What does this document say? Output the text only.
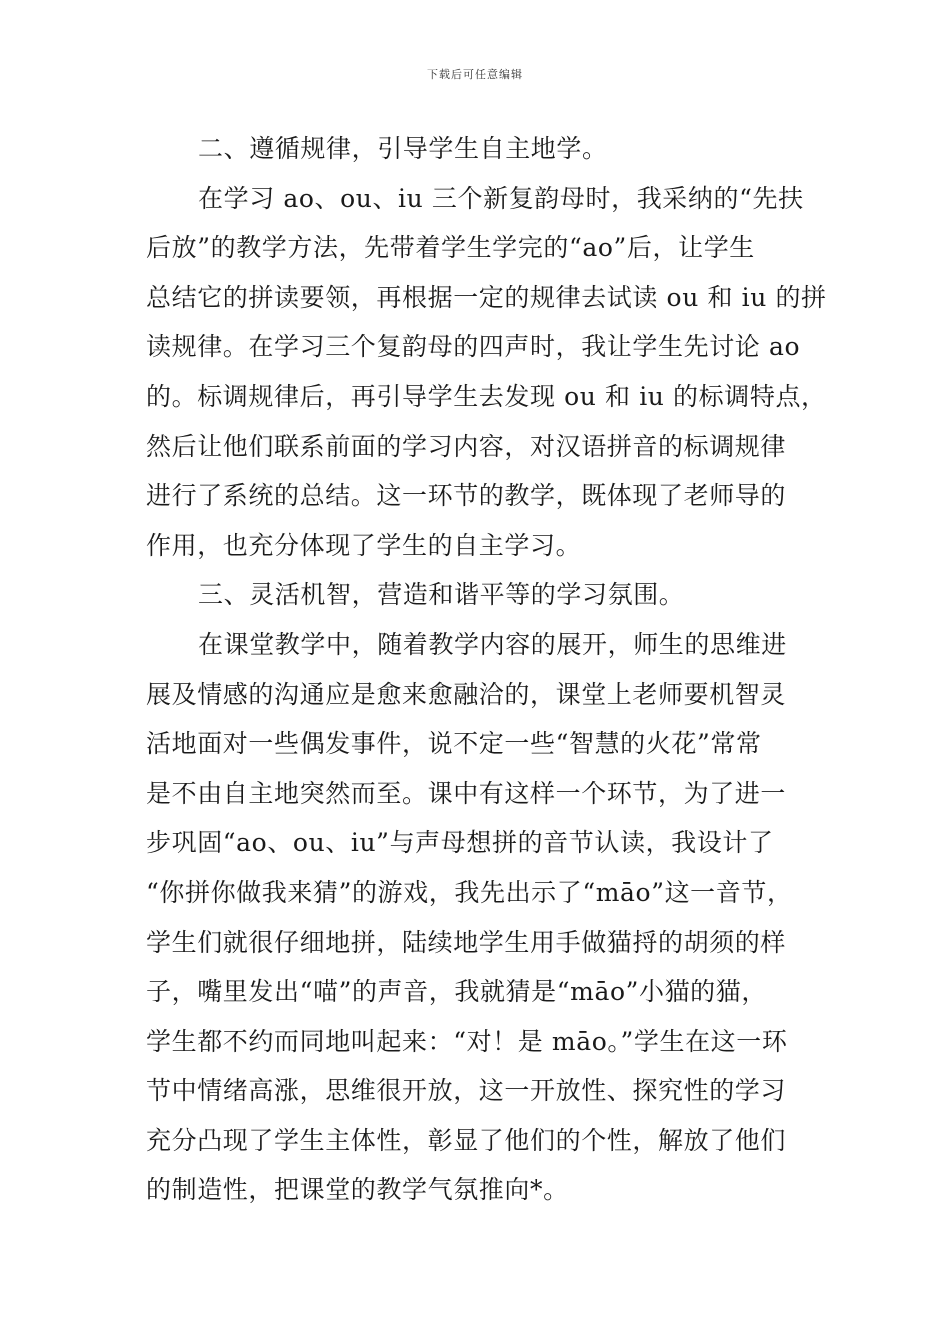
下载后可任意编辑
二、遵循规律，引导学生自主地学。
在学习 ao、ou、iu 三个新复韵母时，我采纳的“先扶
后放”的教学方法，先带着学生学完的“ao”后，让学生
总结它的拼读要领，再根据一定的规律去试读 ou 和 iu 的拼
读规律。在学习三个复韵母的四声时，我让学生先讨论 ao
的。标调规律后，再引导学生去发现 ou 和 iu 的标调特点，
然后让他们联系前面的学习内容，对汉语拼音的标调规律
进行了系统的总结。这一环节的教学，既体现了老师导的
作用，也充分体现了学生的自主学习。
三、灵活机智，营造和谐平等的学习氛围。
在课堂教学中，随着教学内容的展开，师生的思维进
展及情感的沟通应是愈来愈融洽的，课堂上老师要机智灵
活地面对一些偶发事件，说不定一些“智慧的火花”常常
是不由自主地突然而至。课中有这样一个环节，为了进一
步巩固“ao、ou、iu”与声母想拼的音节认读，我设计了
“你拼你做我来猜”的游戏，我先出示了“māo”这一音节，
学生们就很仔细地拼，陆续地学生用手做猫捋的胡须的样
子，嘴里发出“喵”的声音，我就猜是“māo”小猫的猫，
学生都不约而同地叫起来：“对！是 māo。”学生在这一环
节中情绪高涨，思维很开放，这一开放性、探究性的学习
充分凸现了学生主体性，彰显了他们的个性，解放了他们
的制造性，把课堂的教学气氛推向*。
